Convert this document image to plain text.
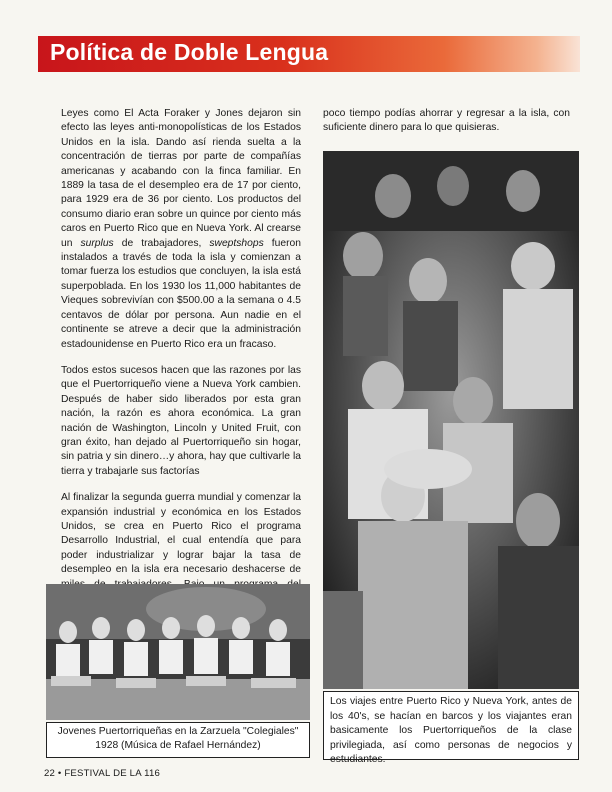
Política de Doble Lengua

Leyes como El Acta Foraker y Jones dejaron sin efecto las leyes anti-monopolísticas de los Estados Unidos en la isla. Dando así rienda suelta a la concentración de tierras por parte de compañías americanas y acabando con la finca familiar. En 1889 la tasa de el desempleo era de 17 por ciento, para 1929 era de 36 por ciento. Los productos del consumo diario eran sobre un quince por ciento más caros en Puerto Rico que en Nueva York. Al crearse un surplus de trabajadores, sweptshops fueron instalados a través de toda la isla y comienzan a tomar fuerza los estudios que concluyen, la isla está superpoblada. En los 1930 los 11,000 habitantes de Vieques sobrevivían con $500.00 a la semana o 4.5 centavos de dólar por persona. Aun nadie en el continente se atreve a decir que la administración estadounidense en Puerto Rico era un fracaso.

Todos estos sucesos hacen que las razones por las que el Puertorriqueño viene a Nueva York cambien. Después de haber sido liberados por esta gran nación, la razón es ahora económica. La gran nación de Washington, Lincoln y United Fruit, con gran éxito, han dejado al Puertorriqueño sin hogar, sin patria y sin dinero…y ahora, hay que cultivarle la tierra y trabajarle sus factorías

Al finalizar la segunda guerra mundial y comenzar la expansión industrial y económica en los Estados Unidos, se crea en Puerto Rico el programa Desarrollo Industrial, el cual entendía que para poder industrializar y lograr bajar la tasa de desempleo en la isla era necesario deshacerse de

poco tiempo podías ahorrar y regresar a la isla, con suficiente dinero para lo que quisieras.
Los viajes entre Puerto Rico y Nueva York, antes de los 40's, se hacían en barcos y los viajantes eran basicamente los Puertorriqueños de la clase privilegiada, así como personas de negocios y estudiantes.
Jovenes Puertorriqueñas en la Zarzuela "Colegiales" 1928 (Música de Rafael Hernández)
22 • FESTIVAL DE LA 116
